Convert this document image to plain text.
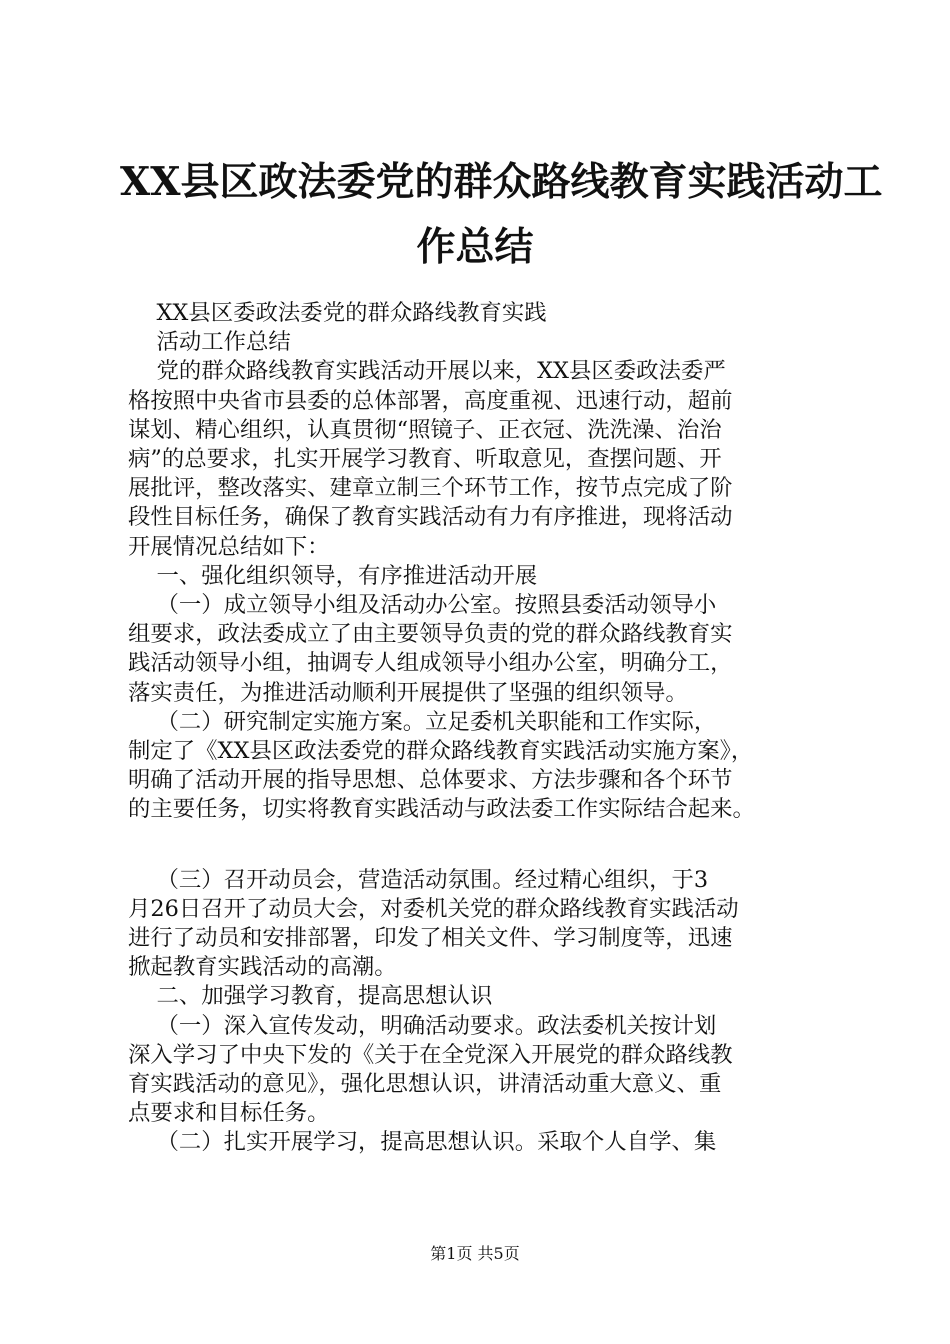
XX县区政法委党的群众路线教育实践活动工
作总结

XX县区委政法委党的群众路线教育实践

活动工作总结

党的群众路线教育实践活动开展以来，XX县区委政法委严

格按照中央省市县委的总体部署，高度重视、迅速行动，超前

谋划、精心组织，认真贯彻“照镜子、正衣冠、洗洗澡、治治

病”的总要求，扎实开展学习教育、听取意见，查摆问题、开

展批评，整改落实、建章立制三个环节工作，按节点完成了阶

段性目标任务，确保了教育实践活动有力有序推进，现将活动

开展情况总结如下：

一、强化组织领导，有序推进活动开展

（一）成立领导小组及活动办公室。按照县委活动领导小

组要求，政法委成立了由主要领导负责的党的群众路线教育实

践活动领导小组，抽调专人组成领导小组办公室，明确分工，

落实责任，为推进活动顺利开展提供了坚强的组织领导。

（二）研究制定实施方案。立足委机关职能和工作实际，

制定了《XX县区政法委党的群众路线教育实践活动实施方案》，

明确了活动开展的指导思想、总体要求、方法步骤和各个环节

的主要任务，切实将教育实践活动与政法委工作实际结合起来。

（三）召开动员会，营造活动氛围。经过精心组织，于3

月26日召开了动员大会，对委机关党的群众路线教育实践活动

进行了动员和安排部署，印发了相关文件、学习制度等，迅速

掀起教育实践活动的高潮。

二、加强学习教育，提高思想认识

（一）深入宣传发动，明确活动要求。政法委机关按计划

深入学习了中央下发的《关于在全党深入开展党的群众路线教

育实践活动的意见》，强化思想认识，讲清活动重大意义、重

点要求和目标任务。

（二）扎实开展学习，提高思想认识。采取个人自学、集

第1页 共5页
